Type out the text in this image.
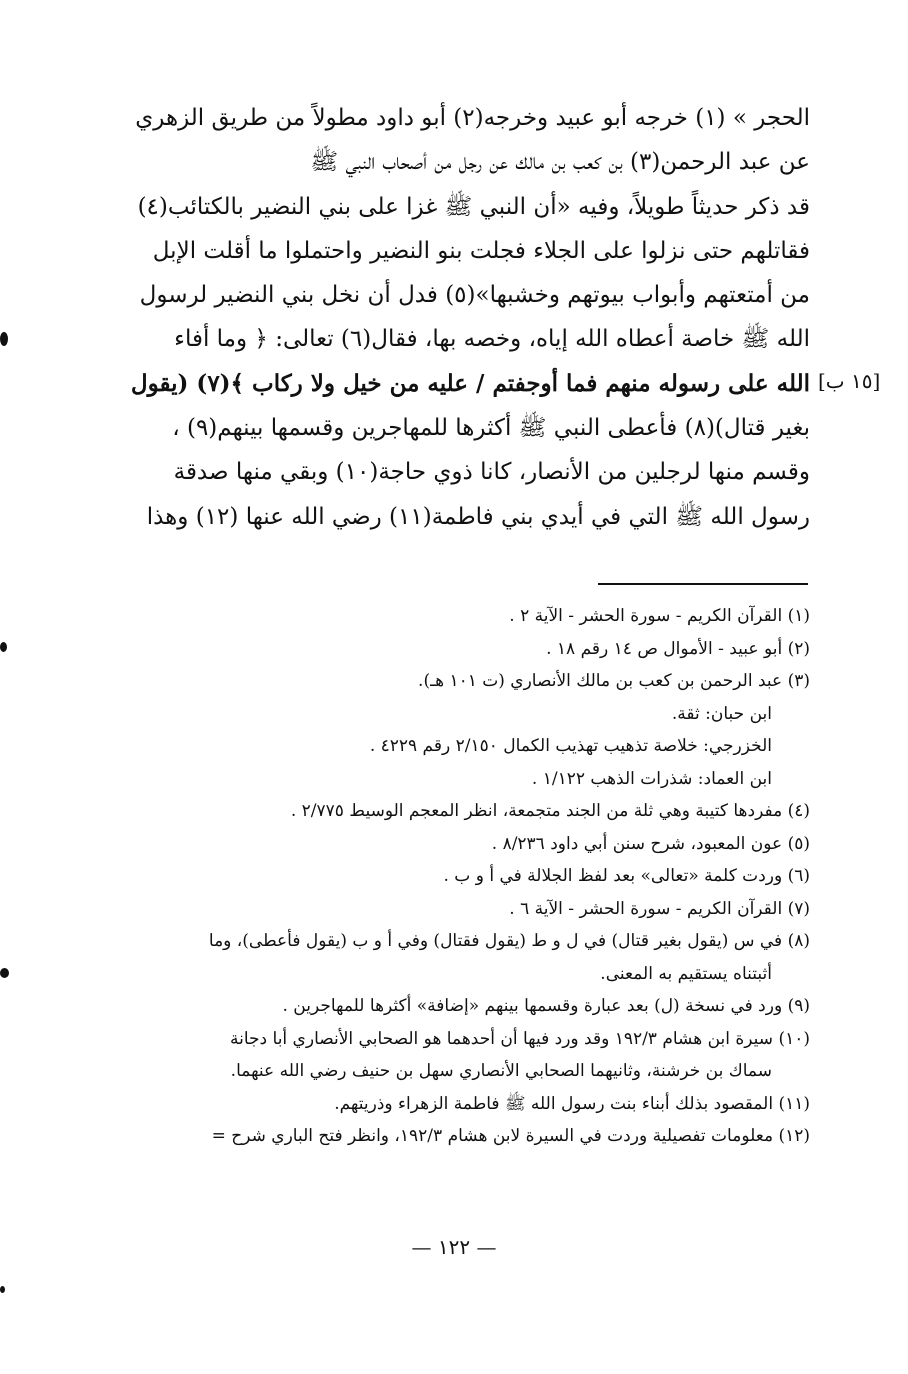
الحجر » (١) خرجه أبو عبيد وخرجه(٢) أبو داود مطولاً من طريق الزهري

عن عبد الرحمن(٣) بن كعب بن مالك عن رجل من أصحاب النبي ﷺ

قد ذكر حديثاً طويلاً، وفيه «أن النبي ﷺ غزا على بني النضير بالكتائب(٤)

فقاتلهم حتى نزلوا على الجلاء فجلت بنو النضير واحتملوا ما أقلت الإبل

من أمتعتهم وأبواب بيوتهم وخشبها»(٥) فدل أن نخل بني النضير لرسول

الله ﷺ خاصة أعطاه الله إياه، وخصه بها، فقال(٦) تعالى: ﴿ وما أفاء

الله على رسوله منهم فما أوجفتم / عليه من خيل ولا ركاب ﴾(٧) (يقول

بغير قتال)(٨) فأعطى النبي ﷺ أكثرها للمهاجرين وقسمها بينهم(٩) ،

وقسم منها لرجلين من الأنصار، كانا ذوي حاجة(١٠) وبقي منها صدقة

رسول الله ﷺ التي في أيدي بني فاطمة(١١) رضي الله عنها (١٢) وهذا

[١٥ ب]

(١) القرآن الكريم - سورة الحشر - الآية ٢ .

(٢) أبو عبيد - الأموال ص ١٤ رقم ١٨ .

(٣) عبد الرحمن بن كعب بن مالك الأنصاري (ت ١٠١ هـ).

ابن حبان: ثقة.

الخزرجي: خلاصة تذهيب تهذيب الكمال ٢/١٥٠ رقم ٤٢٢٩ .

ابن العماد: شذرات الذهب ١/١٢٢ .

(٤) مفردها كتيبة وهي ثلة من الجند متجمعة، انظر المعجم الوسيط ٢/٧٧٥ .

(٥) عون المعبود، شرح سنن أبي داود ٨/٢٣٦ .

(٦) وردت كلمة «تعالى» بعد لفظ الجلالة في أ و ب .

(٧) القرآن الكريم - سورة الحشر - الآية ٦ .

(٨) في س (يقول بغير قتال) في ل و ط (يقول فقتال) وفي أ و ب (يقول فأعطى)، وما

أثبتناه يستقيم به المعنى.

(٩) ورد في نسخة (ل) بعد عبارة وقسمها بينهم «إضافة» أكثرها للمهاجرين .

(١٠) سيرة ابن هشام ١٩٢/٣ وقد ورد فيها أن أحدهما هو الصحابي الأنصاري أبا دجانة

سماك بن خرشنة، وثانيهما الصحابي الأنصاري سهل بن حنيف رضي الله عنهما.

(١١) المقصود بذلك أبناء بنت رسول الله ﷺ فاطمة الزهراء وذريتهم.

(١٢) معلومات تفصيلية وردت في السيرة لابن هشام ١٩٢/٣، وانظر فتح الباري شرح =

— ١٢٢ —
